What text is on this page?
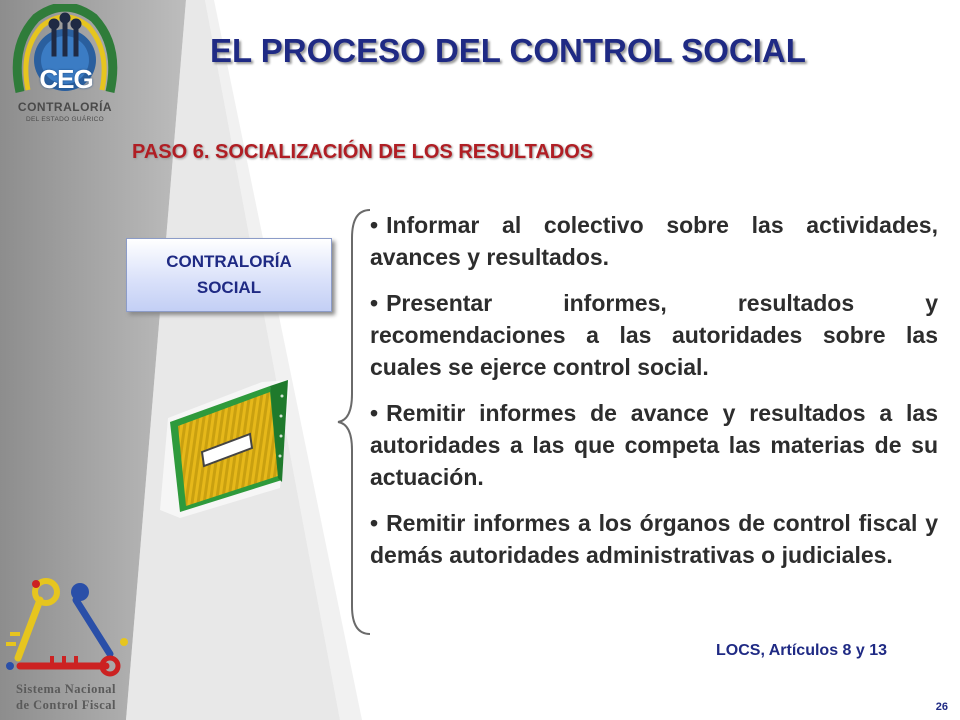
CEG
CONTRALORÍA
DEL ESTADO GUÁRICO
EL PROCESO DEL CONTROL SOCIAL
PASO 6. SOCIALIZACIÓN DE LOS RESULTADOS
CONTRALORÍA
SOCIAL
• Informar al colectivo sobre las actividades, avances y resultados.
• Presentar informes, resultados y recomendaciones a las autoridades sobre las cuales se ejerce control social.
• Remitir informes de avance y resultados a las autoridades a las que competa las materias de su actuación.
• Remitir informes a los órganos de control fiscal y demás autoridades administrativas o judiciales.
LOCS, Artículos 8 y 13
26
Sistema Nacional
de Control Fiscal
